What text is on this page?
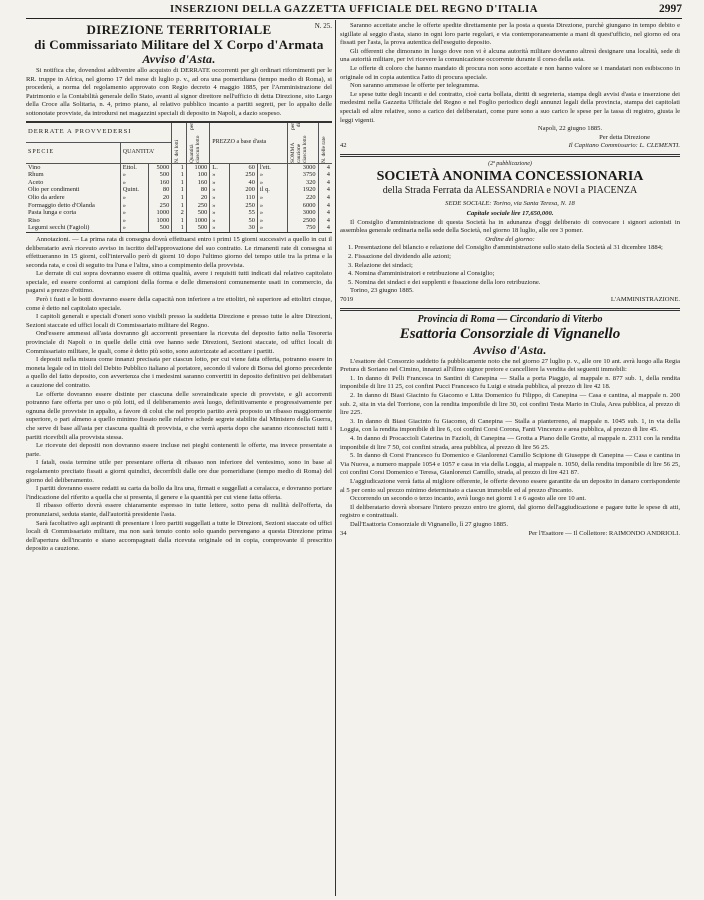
INSERZIONI DELLA GAZZETTA UFFICIALE DEL REGNO D'ITALIA	2997
N. 25.

DIREZIONE TERRITORIALE

di Commissariato Militare del X Corpo d'Armata

Avviso d'Asta.

Si notifica che, dovendosi addivenire allo acquisto di DERRATE occorrenti per gli ordinari rifornimenti per le RR. truppe in Africa, nel giorno 17 del mese di luglio p. v., ad ora una pomeridiana (tempo medio di Roma), si procederà, a norma del regolamento approvato con Regio decreto 4 maggio 1885, per l'Amministrazione del Patrimonio e la Contabilità generale dello Stato, avanti al signor direttore nell'ufficio di detta Direzione, sito Largo della Croce alla Solitaria, n. 4, primo piano, al relativo pubblico incanto a partiti segreti, per lo appalto delle sottonotate provviste, da introdursi nei magazzini speciali di deposito in Napoli, a dazio sospeso.

DERRATE A PROVVEDERSI			N. dei lotti	Quantità per ciascun lotto	PREZZO a base d'asta			SOMMA per cauzione di ciascun lotto	N. delle rate

SPECIE	QUANTITA'								
Vino	Ettol.	5000	1	1000	L.	60	l'ett.	3000	4
Rhum	»	500	1	100	»	250	»	3750	4
Aceto	»	160	1	160	»	40	»	320	4
Olio per condimenti	Quint.	80	1	80	»	200	il q.	1920	4
Olio da ardere	»	20	1	20	»	110	»	220	4
Formaggio detto d'Olanda	»	250	1	250	»	250	»	6000	4
Pasta lunga e corta	»	1000	2	500	»	55	»	3000	4
Riso	»	1000	1	1000	»	50	»	2500	4
Legumi secchi (Fagioli)	»	500	1	500	»	30	»	750	4

Annotazioni. — La prima rata di consegna dovrà effettuarsi entro i primi 15 giorni successivi a quello in cui il deliberatario avrà ricevuto avviso in iscritto dell'approvazione del suo contratto. Le rimanenti rate di consegna si effettueranno in 15 giorni, coll'intervallo però di giorni 10 dopo l'ultimo giorno del tempo utile tra la prima e la seconda rata, e così di seguito tra l'una e l'altra, sino a compimento della provvista.

Le derrate di cui sopra dovranno essere di ottima qualità, avere i requisiti tutti indicati dal relativo capitolato speciale, ed essere conformi ai campioni della forma e delle dimensioni comunemente usati in commercio, da pagarsi a prezzo d'ottimo.

Però i fusti e le botti dovranno essere della capacità non inferiore a tre ettolitri, nè superiore ad ettolitri cinque, come è detto nel capitolato speciale.

I capitoli generali e speciali d'oneri sono visibili presso la suddetta Direzione e presso tutte le altre Direzioni, Sezioni staccate ed uffici locali di Commissariato militare del Regno.

Ond'essere ammessi all'asta dovranno gli accorrenti presentare la ricevuta del deposito fatto nella Tesoreria provinciale di Napoli o in quelle delle città ove hanno sede Direzioni, Sezioni staccate, od uffici locali di Commissariato militare, le quali, come è detto più sotto, sono autorizzate ad accettare i partiti.

I depositi nella misura come innanzi precisata per ciascun lotto, per cui viene fatta offerta, potranno essere in moneta legale od in titoli del Debito Pubblico italiano al portatore, secondo il valore di Borsa del giorno precedente a quello del fatto deposito, con avvertenza che i medesimi saranno convertiti in deposito definitivo pei deliberatari a cauzione del contratto.

Le offerte dovranno essere distinte per ciascuna delle sovraindicate specie di provviste, e gli accorrenti potranno fare offerta per uno o più lotti, ed il deliberamento avrà luogo, definitivamente e progressivamente per ognuna delle provviste in appalto, a favore di colui che nel proprio partito avrà proposto un ribasso maggiormente superiore, o pari almeno a quello minimo fissato nelle relative schede segrete stabilite dal Ministero della Guerra, che serve di base all'asta per ciascuna qualità di provvista, e che verrà aperta dopo che saranno riconosciuti tutti i partiti ricevibili alla provvista stessa.

Le ricevute dei depositi non dovranno essere incluse nei pieghi contenenti le offerte, ma invece presentate a parte.

I fatali, ossia termine utile per presentare offerta di ribasso non inferiore del ventesimo, sono in base al regolamento precitato fissati a giorni quindici, decorribili dalle ore due pomeridiane (tempo medio di Roma) del giorno del deliberamento.

I partiti dovranno essere redatti su carta da bollo da lira una, firmati e suggellati a ceralacca, e dovranno portare l'indicazione del riferito a quella che si presenta, il genere e la quantità per cui viene fatta offerta.

Il ribasso offerto dovrà essere chiaramente espresso in tutte lettere, sotto pena di nullità dell'offerta, da pronunziarsi, seduta stante, dall'autorità presidente l'asta.

Sarà facoltativo agli aspiranti di presentare i loro partiti suggellati a tutte le Direzioni, Sezioni staccate od uffici locali di Commissariato militare, ma non sarà tenuto conto solo quando pervengano a questa Direzione prima dell'apertura dell'incanto e siano accompagnati dalla ricevuta originale od in copia, comprovante il prescritto deposito a cauzione.

Saranno accettate anche le offerte spedite direttamente per la posta a questa Direzione, purchè giungano in tempo debito e sigillate al seggio d'asta, siano in ogni loro parte regolari, e via contemporaneamente a mani di quest'ufficio, nel giorno ed ora fissati per l'asta, la prova autentica dell'eseguito deposito.

Gli offerenti che dimorano in luogo dove non vi è alcuna autorità militare dovranno altresì designare una località, sede di una autorità militare, per ivi ricevere la comunicazione occorrente durante il corso della asta.

Le offerte di coloro che hanno mandato di procura non sono accettate e non hanno valore se i mandatari non esibiscono in originale od in copia autentica l'atto di procura speciale.

Non saranno ammesse le offerte per telegramma.

Le spese tutte degli incanti e del contratto, cioè carta bollata, diritti di segreteria, stampa degli avvisi d'asta e inserzione dei medesimi nella Gazzetta Ufficiale del Regno e nel Foglio periodico degli annunzi legali della provincia, stampa dei capitolati speciali ed altre relative, sono a carico dei deliberatari, come pure sono a suo carico le spese per la tassa di registro, giusta le leggi vigenti.

Napoli, 22 giugno 1885.

Per detta Direzione

42	Il Capitano Commissario: L. CLEMENTI.

(2ª pubblicazione)

SOCIETÀ ANONIMA CONCESSIONARIA

della Strada Ferrata da ALESSANDRIA e NOVI a PIACENZA

SEDE SOCIALE: Torino, via Santa Teresa, N. 18

Capitale sociale lire 17,650,000.

Il Consiglio d'amministrazione di questa Società ha in adunanza d'oggi deliberato di convocare i signori azionisti in assemblea generale ordinaria nella sede della Società, nel giorno 18 luglio, alle ore 3 pomer.

Ordine del giorno:

1. Presentazione del bilancio e relazione del Consiglio d'amministrazione sullo stato della Società al 31 dicembre 1884;

2. Fissazione del dividendo alle azioni;

3. Relazione dei sindaci;

4. Nomina d'amministratori e retribuzione al Consiglio;

5. Nomina dei sindaci e dei supplenti e fissazione della loro retribuzione.

Torino, 23 giugno 1885.

7019	L'AMMINISTRAZIONE.

Provincia di Roma — Circondario di Viterbo

Esattoria Consorziale di Vignanello

Avviso d'Asta.

L'esattore del Consorzio suddetto fa pubblicamente noto che nel giorno 27 luglio p. v., alle ore 10 ant. avrà luogo alla Regia Pretura di Soriano nel Cimino, innanzi all'illmo signor pretore e cancelliere la vendita dei seguenti immobili:

1. In danno di Pelli Francesca in Santini di Canepina — Stalla a porta Piaggio, al mappale n. 877 sub. 1, della rendita imponibile di lire 11 25, coi confini Pucci Francesco fu Luigi e strada pubblica, al prezzo di lire 42 18.

2. In danno di Biasi Giacinto fu Giacomo e Litta Domenico fu Filippo, di Canepina — Casa e cantina, al mappale n. 200 sub. 2, sita in via del Torrione, con la rendita imponibile di lire 30, coi confini Testa Mario in Ciula, Area pubblica, al prezzo di lire 225.

3. In danno di Biasi Giacinto fu Giacomo, di Canepina — Stalla a pianterreno, al mappale n. 1045 sub. 1, in via della Loggia, con la rendita imponibile di lire 6, coi confini Corsi Corona, Fanti Vincenzo e area pubblica, al prezzo di lire 45.

4. In danno di Procaccioli Caterina in Fazioli, di Canepina — Grotta a Piano delle Grotte, al mappale n. 2311 con la rendita imponibile di lire 7 50, coi confini strada, area pubblica, al prezzo di lire 56 25.

5. In danno di Corsi Francesco fu Domenico e Gianlorenzi Camillo Scipione di Giuseppe di Canepina — Casa e cantina in Via Nuova, a numero mappale 1054 e 1057 e casa in via della Loggia, al mappale n. 1050, della rendita imponibile di lire 56 25, coi confini Corsi Domenico e Teresa, Gianlorenzi Camillo, strada, al prezzo di lire 421 87.

L'aggiudicazione verrà fatta al migliore offerente, le offerte devono essere garantite da un deposito in danaro corrispondente al 5 per cento sul prezzo minimo determinato a ciascun immobile ed al prezzo d'incanto.

Occorrendo un secondo o terzo incanto, avrà luogo nei giorni 1 e 6 agosto alle ore 10 ant.

Il deliberatario dovrà sborsare l'intero prezzo entro tre giorni, dal giorno dell'aggiudicazione e pagare tutte le spese di atti, registro e contrattuali.

Dall'Esattoria Consorziale di Vignanello, lì 27 giugno 1885.

34	Per l'Esattore — Il Collettore: RAIMONDO ANDRIOLI.
